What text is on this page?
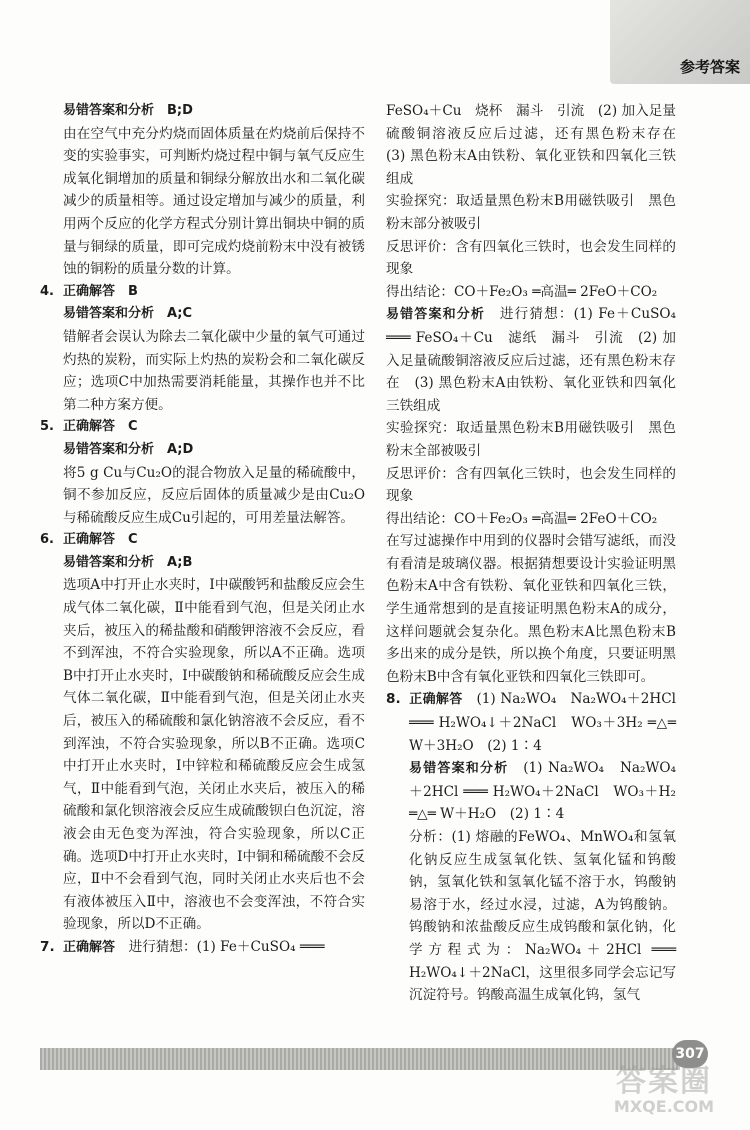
参考答案

易错答案和分析　B;D

由在空气中充分灼烧而固体质量在灼烧前后保持不变的实验事实，可判断灼烧过程中铜与氧气反应生成氧化铜增加的质量和铜绿分解放出水和二氧化碳减少的质量相等。通过设定增加与减少的质量，利用两个反应的化学方程式分别计算出铜块中铜的质量与铜绿的质量，即可完成灼烧前粉末中没有被锈蚀的铜粉的质量分数的计算。

4. 正确解答　B

易错答案和分析　A;C

错解者会误认为除去二氧化碳中少量的氧气可通过灼热的炭粉，而实际上灼热的炭粉会和二氧化碳反应；选项C中加热需要消耗能量，其操作也并不比第二种方案方便。

5. 正确解答　C

易错答案和分析　A;D

将5 g Cu与Cu₂O的混合物放入足量的稀硫酸中，铜不参加反应，反应后固体的质量减少是由Cu₂O与稀硫酸反应生成Cu引起的，可用差量法解答。

6. 正确解答　C

易错答案和分析　A;B

选项A中打开止水夹时，Ⅰ中碳酸钙和盐酸反应会生成气体二氧化碳，Ⅱ中能看到气泡，但是关闭止水夹后，被压入的稀盐酸和硝酸钾溶液不会反应，看不到浑浊，不符合实验现象，所以A不正确。选项B中打开止水夹时，Ⅰ中碳酸钠和稀硫酸反应会生成气体二氧化碳，Ⅱ中能看到气泡，但是关闭止水夹后，被压入的稀硫酸和氯化钠溶液不会反应，看不到浑浊，不符合实验现象，所以B不正确。选项C中打开止水夹时，Ⅰ中锌粒和稀硫酸反应会生成氢气，Ⅱ中能看到气泡，关闭止水夹后，被压入的稀硫酸和氯化钡溶液会反应生成硫酸钡白色沉淀，溶液会由无色变为浑浊，符合实验现象，所以C正确。选项D中打开止水夹时，Ⅰ中铜和稀硫酸不会反应，Ⅱ中不会看到气泡，同时关闭止水夹后也不会有液体被压入Ⅱ中，溶液也不会变浑浊，不符合实验现象，所以D不正确。

7. 正确解答　 进行猜想：(1) Fe＋CuSO₄ ═══

FeSO₄＋Cu　烧杯　漏斗　引流　(2) 加入足量硫酸铜溶液反应后过滤，还有黑色粉末存在　(3) 黑色粉末A由铁粉、氧化亚铁和四氧化三铁组成

实验探究：取适量黑色粉末B用磁铁吸引　黑色粉末部分被吸引

反思评价：含有四氧化三铁时，也会发生同样的现象

得出结论：CO＋Fe₂O₃ ═高温═ 2FeO＋CO₂

易错答案和分析　 进行猜想：(1) Fe＋CuSO₄ ═══ FeSO₄＋Cu　滤纸　漏斗　引流　(2) 加入足量硫酸铜溶液反应后过滤，还有黑色粉末存在　(3) 黑色粉末A由铁粉、氧化亚铁和四氧化三铁组成

实验探究：取适量黑色粉末B用磁铁吸引　黑色粉末全部被吸引

反思评价：含有四氧化三铁时，也会发生同样的现象

得出结论：CO＋Fe₂O₃ ═高温═ 2FeO＋CO₂

在写过滤操作中用到的仪器时会错写滤纸，而没有看清是玻璃仪器。根据猜想要设计实验证明黑色粉末A中含有铁粉、氧化亚铁和四氧化三铁，学生通常想到的是直接证明黑色粉末A的成分，这样问题就会复杂化。黑色粉末A比黑色粉末B多出来的成分是铁，所以换个角度，只要证明黑色粉末B中含有氧化亚铁和四氧化三铁即可。

8. 正确解答　 (1) Na₂WO₄　Na₂WO₄＋2HCl ═══ H₂WO₄↓＋2NaCl　WO₃＋3H₂ ═△═ W＋3H₂O　(2) 1∶4

易错答案和分析　 (1) Na₂WO₄　Na₂WO₄＋2HCl ═══ H₂WO₄＋2NaCl　WO₃＋H₂ ═△═ W＋H₂O　(2) 1∶4

分析：(1) 熔融的FeWO₄、MnWO₄和氢氧化钠反应生成氢氧化铁、氢氧化锰和钨酸钠，氢氧化铁和氢氧化锰不溶于水，钨酸钠易溶于水，经过水浸，过滤，A为钨酸钠。钨酸钠和浓盐酸反应生成钨酸和氯化钠，化学方程式为：Na₂WO₄＋2HCl ═══ H₂WO₄↓＋2NaCl，这里很多同学会忘记写沉淀符号。钨酸高温生成氧化钨，氢气

307
答案圈
MXQE.COM
